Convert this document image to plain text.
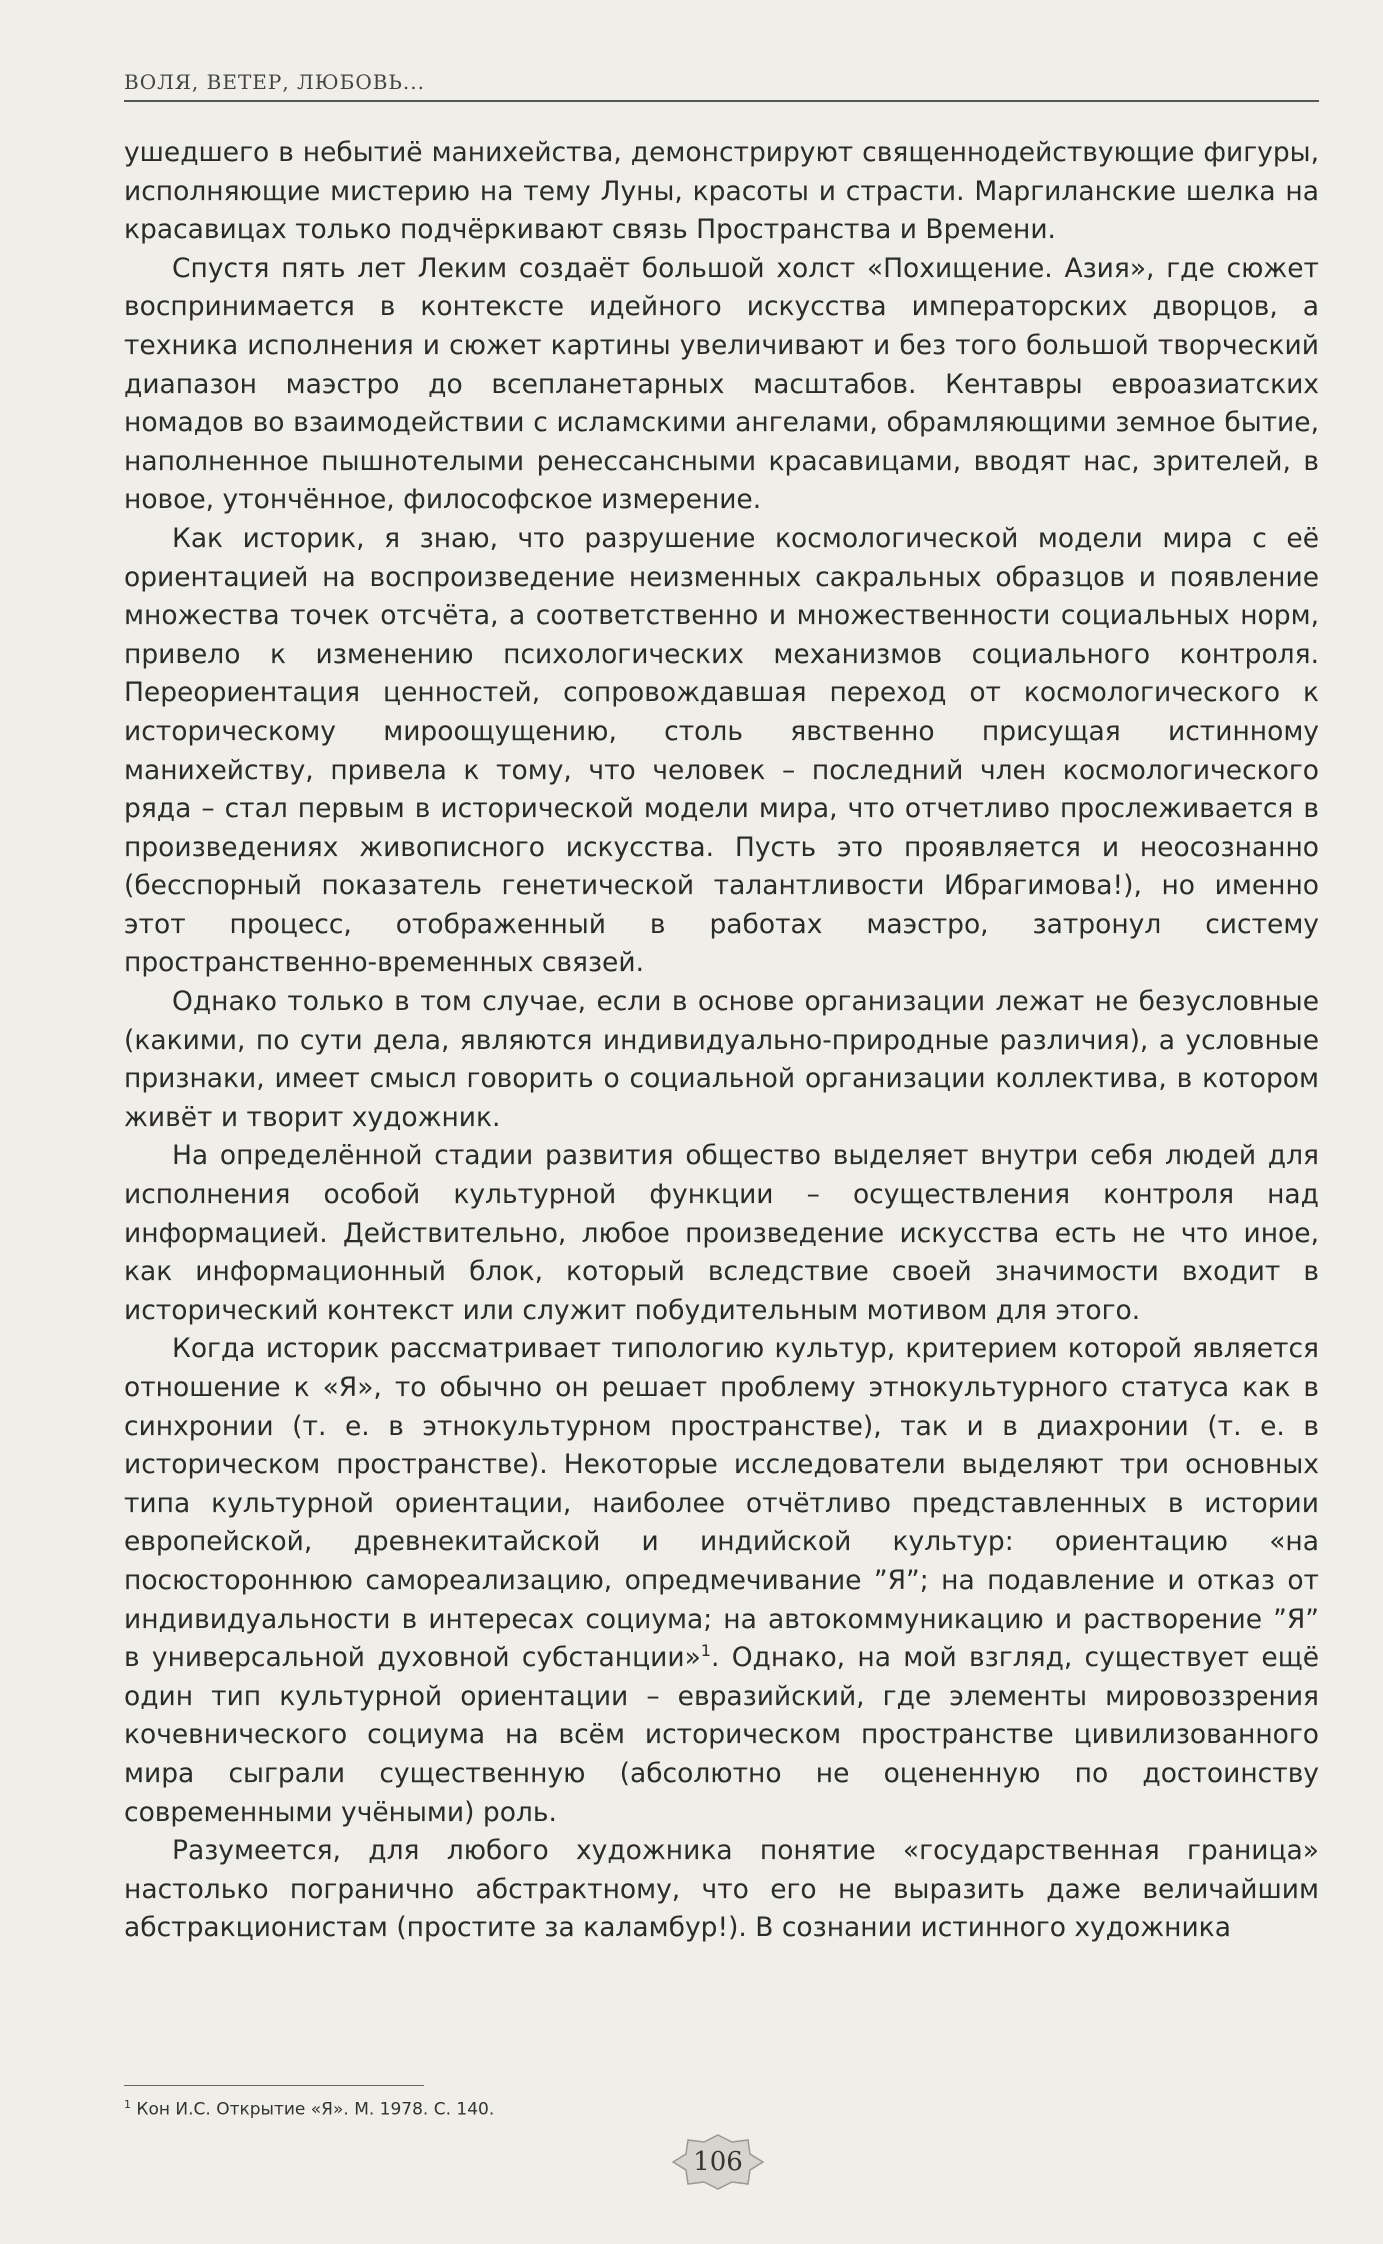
ВОЛЯ, ВЕТЕР, ЛЮБОВЬ...

ушедшего в небытиё манихейства, демонстрируют священнодействующие фигуры, исполняющие мистерию на тему Луны, красоты и страсти. Маргиланские шелка на красавицах только подчёркивают связь Пространства и Времени.

Спустя пять лет Леким создаёт большой холст «Похищение. Азия», где сюжет воспринимается в контексте идейного искусства императорских дворцов, а техника исполнения и сюжет картины увеличивают и без того большой творческий диапазон маэстро до всепланетарных масштабов. Кентавры евроазиатских номадов во взаимодействии с исламскими ангелами, обрамляющими земное бытие, наполненное пышнотелыми ренессансными красавицами, вводят нас, зрителей, в новое, утончённое, философское измерение.

Как историк, я знаю, что разрушение космологической модели мира с её ориентацией на воспроизведение неизменных сакральных образцов и появление множества точек отсчёта, а соответственно и множественности социальных норм, привело к изменению психологических механизмов социального контроля. Переориентация ценностей, сопровождавшая переход от космологического к историческому мироощущению, столь явственно присущая истинному манихейству, привела к тому, что человек – последний член космологического ряда – стал первым в исторической модели мира, что отчетливо прослеживается в произведениях живописного искусства. Пусть это проявляется и неосознанно (бесспорный показатель генетической талантливости Ибрагимова!), но именно этот процесс, отображенный в работах маэстро, затронул систему пространственно-временных связей.

Однако только в том случае, если в основе организации лежат не безусловные (какими, по сути дела, являются индивидуально-природные различия), а условные признаки, имеет смысл говорить о социальной организации коллектива, в котором живёт и творит художник.

На определённой стадии развития общество выделяет внутри себя людей для исполнения особой культурной функции – осуществления контроля над информацией. Действительно, любое произведение искусства есть не что иное, как информационный блок, который вследствие своей значимости входит в исторический контекст или служит побудительным мотивом для этого.

Когда историк рассматривает типологию культур, критерием которой является отношение к «Я», то обычно он решает проблему этнокультурного статуса как в синхронии (т. е. в этнокультурном пространстве), так и в диахронии (т. е. в историческом пространстве). Некоторые исследователи выделяют три основных типа культурной ориентации, наиболее отчётливо представленных в истории европейской, древнекитайской и индийской культур: ориентацию «на посюстороннюю самореализацию, опредмечивание ”Я”; на подавление и отказ от индивидуальности в интересах социума; на автокоммуникацию и растворение ”Я” в универсальной духовной субстанции»$^1$. Однако, на мой взгляд, существует ещё один тип культурной ориентации – евразийский, где элементы мировоззрения кочевнического социума на всём историческом пространстве цивилизованного мира сыграли существенную (абсолютно не оцененную по достоинству современными учёными) роль.

Разумеется, для любого художника понятие «государственная граница» настолько погранично абстрактному, что его не выразить даже величайшим абстракционистам (простите за каламбур!). В сознании истинного художника

$^1$ Кон И.С. Открытие «Я». М. 1978. С. 140.
106
